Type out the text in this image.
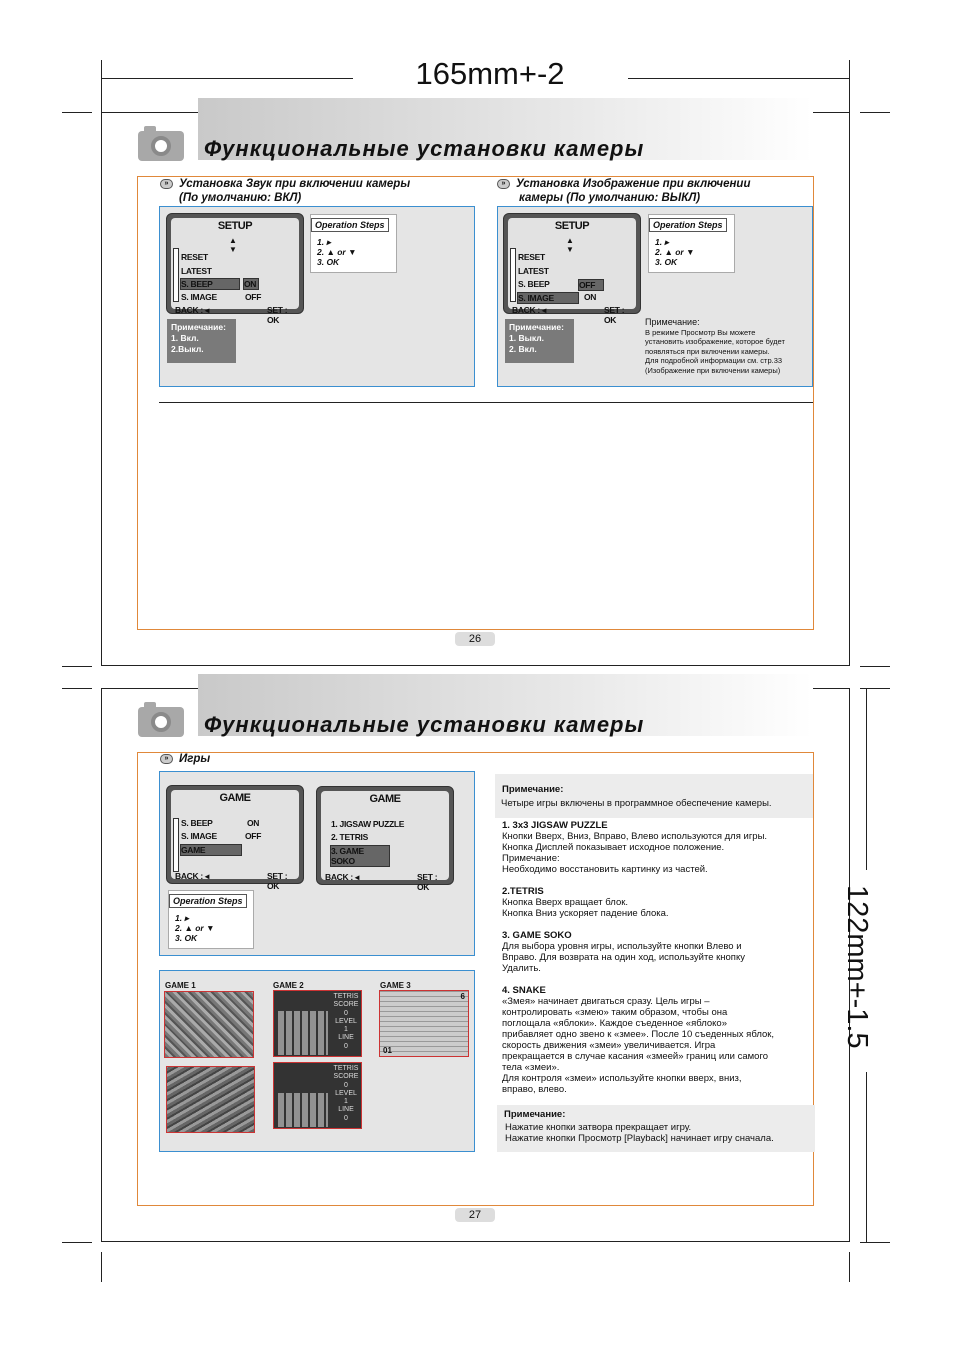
165mm+-2
122mm+-1.5
Функциональные установки камеры
» Установка Звук при включении камеры
(По умолчанию: ВКЛ)
» Установка Изображение при включении
камеры (По умолчанию: ВЫКЛ)
SETUP
▲
▼
RESET
LATEST
S. BEEP	ON
S. IMAGE	OFF
BACK : ◂	SET : OK
Operation Steps
1. ▸
2. ▲ or ▼
3. OK
Примечание:
1. Вкл.
2.Выкл.
SETUP
▲
▼
RESET
LATEST
S. BEEP	OFF
S. IMAGE	ON
BACK : ◂	SET : OK
Operation Steps
1. ▸
2. ▲ or ▼
3. OK
Примечание:
1. Выкл.
2. Вкл.
Примечание:
В режиме Просмотр Вы можете
установить изображение, которое будет
появляться при включении камеры.
Для подробной информации см. стр.33
(Изображение при включении камеры)
26
Функциональные установки камеры
» Игры
GAME
S. BEEP	ON
S. IMAGE	OFF
GAME
BACK : ◂	SET : OK
GAME
1. JIGSAW PUZZLE
2. TETRIS
3. GAME SOKO
BACK : ◂	SET : OK
Operation Steps
1. ▸
2. ▲ or ▼
3. OK
GAME 1	GAME 2	GAME 3
TETRIS
SCORE
0
LEVEL
1
LINE
0
TETRIS
SCORE
0
LEVEL
1
LINE
0
01
6
Примечание:
Четыре игры включены в программное обеспечение камеры.
1. 3x3 JIGSAW PUZZLE
Кнопки Вверх, Вниз, Вправо, Влево используются для игры.
Кнопка Дисплей показывает исходное положение.
Примечание:
Необходимо восстановить картинку из частей.
2.TETRIS
Кнопка Вверх вращает блок.
Кнопка Вниз ускоряет падение блока.
3. GAME SOKO
Для выбора уровня игры, используйте кнопки Влево и
Вправо. Для возврата на один ход, используйте кнопку
Удалить.
4. SNAKE
«Змея» начинает двигаться сразу. Цель игры –
контролировать «змею» таким образом, чтобы она
поглощала «яблоки». Каждое съеденное «яблоко»
прибавляет одно звено к «змее». После 10 съеденных яблок,
скорость движения «змеи» увеличивается. Игра
прекращается в случае касания «змеей» границ или самого
тела «змеи».
Для контроля «змеи» используйте кнопки вверх, вниз,
вправо, влево.
Примечание:
Нажатие кнопки затвора прекращает игру.
Нажатие кнопки Просмотр [Playback] начинает игру сначала.
27
